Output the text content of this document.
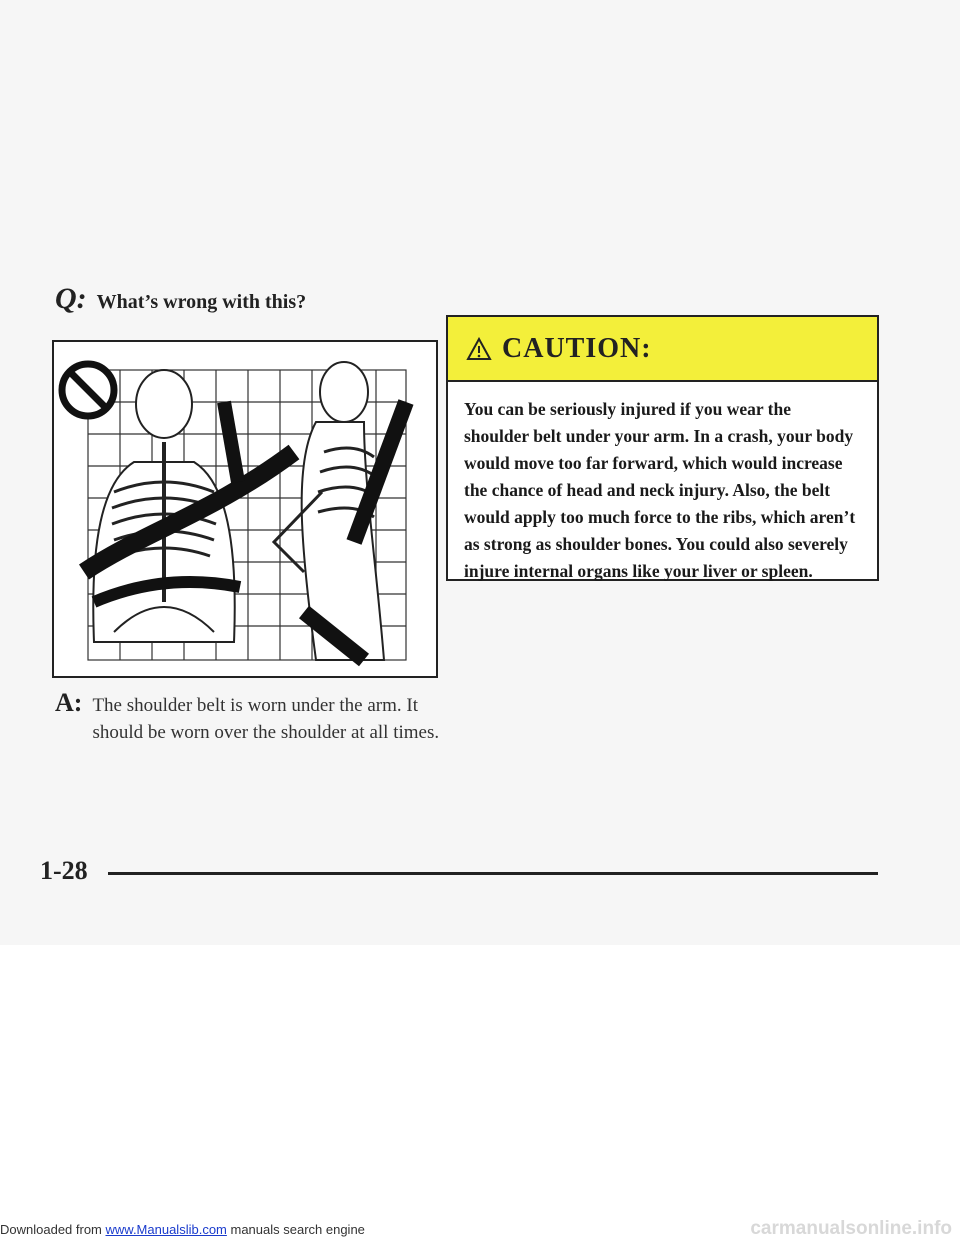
Q: What’s wrong with this?
A: The shoulder belt is worn under the arm. It should be worn over the shoulder at all times.
CAUTION:
You can be seriously injured if you wear the shoulder belt under your arm. In a crash, your body would move too far forward, which would increase the chance of head and neck injury. Also, the belt would apply too much force to the ribs, which aren’t as strong as shoulder bones. You could also severely injure internal organs like your liver or spleen.
1-28
Downloaded from www.Manualslib.com manuals search engine	carmanualsonline.info
